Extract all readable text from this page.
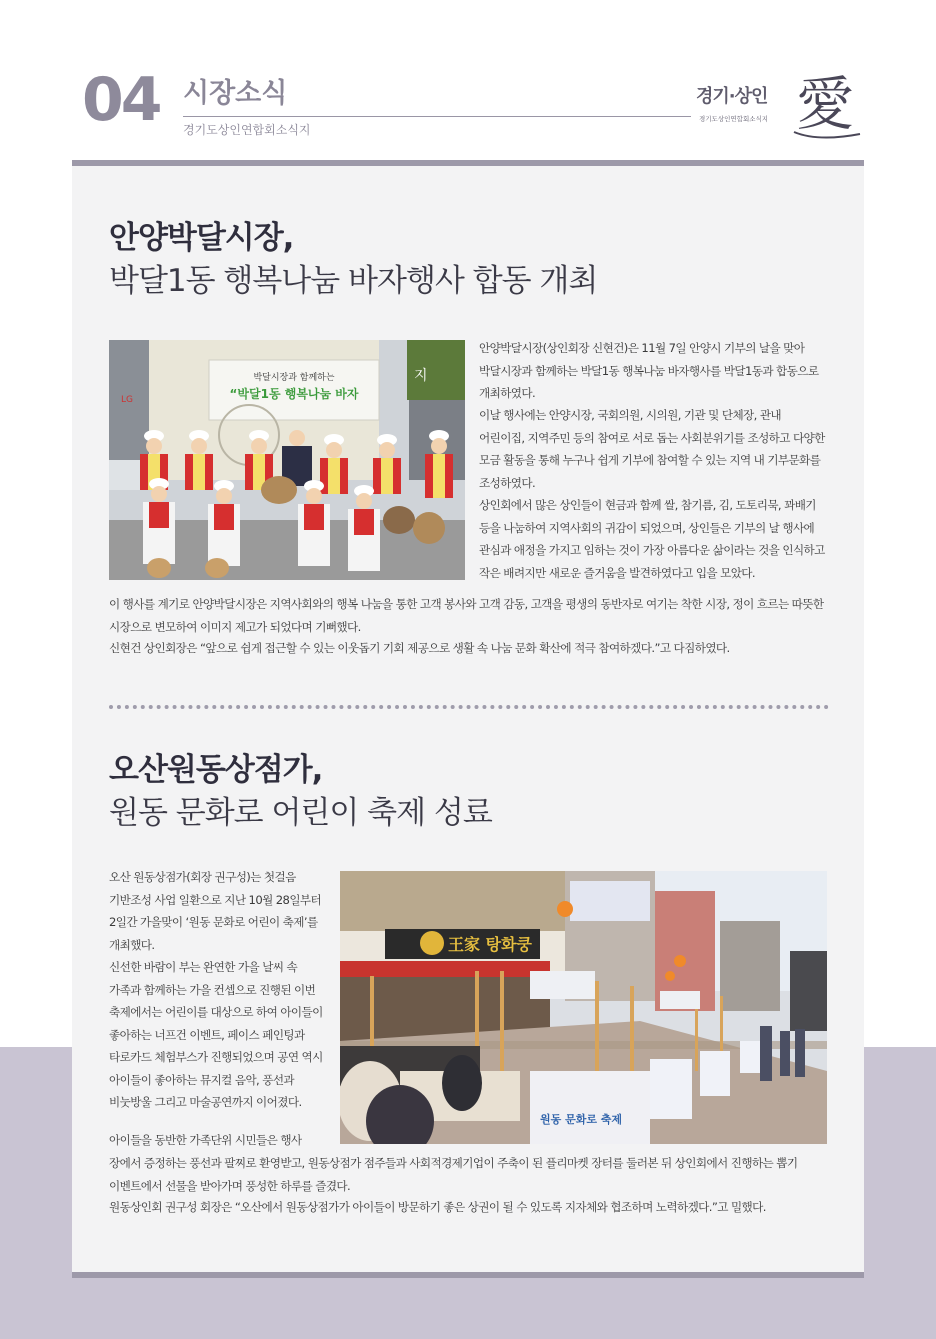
04 시장소식
경기도상인연합회소식지
경기·상인
경기도상인연합회소식지 愛
안양박달시장,
박달1동 행복나눔 바자행사 합동 개최
박달시장과 함께하는
“박달1동 행복나눔 바자
LG
지

안양박달시장(상인회장 신현건)은 11월 7일 안양시 기부의 날을 맞아 박달시장과 함께하는 박달1동 행복나눔 바자행사를 박달1동과 합동으로 개최하였다.

이날 행사에는 안양시장, 국회의원, 시의원, 기관 및 단체장, 관내 어린이집, 지역주민 등의 참여로 서로 돕는 사회분위기를 조성하고 다양한 모금 활동을 통해 누구나 쉽게 기부에 참여할 수 있는 지역 내 기부문화를 조성하였다.

상인회에서 많은 상인들이 현금과 함께 쌀, 참기름, 김, 도토리묵, 꽈배기 등을 나눔하여 지역사회의 귀감이 되었으며, 상인들은 기부의 날 행사에 관심과 애정을 가지고 임하는 것이 가장 아름다운 삶이라는 것을 인식하고 작은 배려지만 새로운 즐거움을 발견하였다고 입을 모았다.

이 행사를 계기로 안양박달시장은 지역사회와의 행복 나눔을 통한 고객 봉사와 고객 감동, 고객을 평생의 동반자로 여기는 착한 시장, 정이 흐르는 따뜻한 시장으로 변모하여 이미지 제고가 되었다며 기뻐했다.

신현건 상인회장은 “앞으로 쉽게 접근할 수 있는 이웃돕기 기회 제공으로 생활 속 나눔 문화 확산에 적극 참여하겠다.”고 다짐하였다.

오산원동상점가,
원동 문화로 어린이 축제 성료

오산 원동상점가(회장 권구성)는 첫걸음 기반조성 사업 일환으로 지난 10월 28일부터 2일간 가을맞이 ‘원동 문화로 어린이 축제’를 개최했다.

신선한 바람이 부는 완연한 가을 날씨 속 가족과 함께하는 가을 컨셉으로 진행된 이번 축제에서는 어린이를 대상으로 하여 아이들이 좋아하는 너프건 이벤트, 페이스 페인팅과 타로카드 체험부스가 진행되었으며 공연 역시 아이들이 좋아하는 뮤지컬 음악, 풍선과 비눗방울 그리고 마술공연까지 이어졌다.

아이들을 동반한 가족단위 시민들은 행사

장에서 증정하는 풍선과 팔찌로 환영받고, 원동상점가 점주들과 사회적경제기업이 주축이 된 플리마켓 장터를 둘러본 뒤 상인회에서 진행하는 뽑기 이벤트에서 선물을 받아가며 풍성한 하루를 즐겼다.

원동상인회 권구성 회장은 “오산에서 원동상점가가 아이들이 방문하기 좋은 상권이 될 수 있도록 지자체와 협조하며 노력하겠다.”고 밀했다.

王家 탕화쿵
원동 문화로 축제
